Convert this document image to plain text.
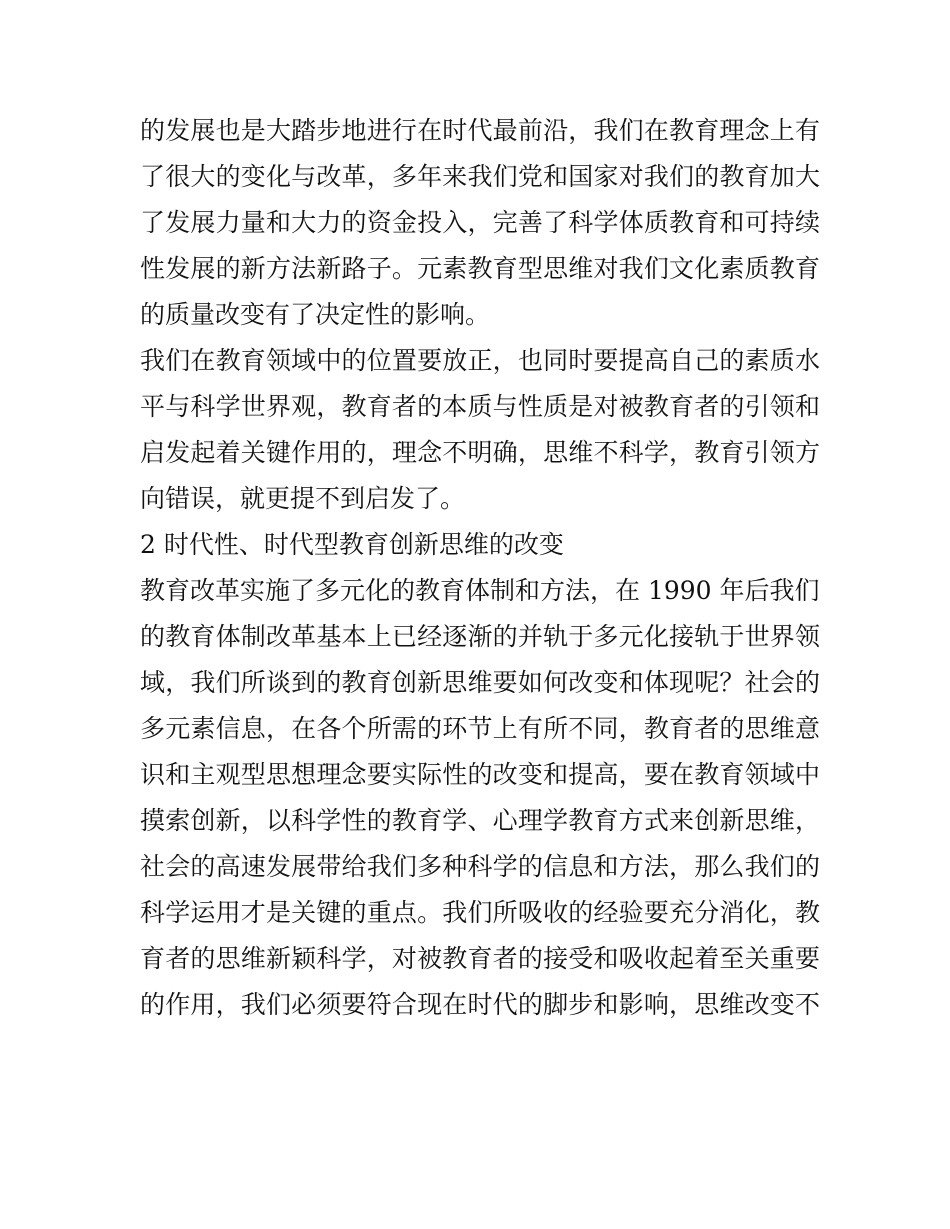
的发展也是大踏步地进行在时代最前沿，我们在教育理念上有
了很大的变化与改革，多年来我们党和国家对我们的教育加大
了发展力量和大力的资金投入，完善了科学体质教育和可持续
性发展的新方法新路子。元素教育型思维对我们文化素质教育
的质量改变有了决定性的影响。
我们在教育领域中的位置要放正，也同时要提高自己的素质水
平与科学世界观，教育者的本质与性质是对被教育者的引领和
启发起着关键作用的，理念不明确，思维不科学，教育引领方
向错误，就更提不到启发了。
2 时代性、时代型教育创新思维的改变
教育改革实施了多元化的教育体制和方法，在 1990 年后我们
的教育体制改革基本上已经逐渐的并轨于多元化接轨于世界领
域，我们所谈到的教育创新思维要如何改变和体现呢？社会的
多元素信息，在各个所需的环节上有所不同，教育者的思维意
识和主观型思想理念要实际性的改变和提高，要在教育领域中
摸索创新，以科学性的教育学、心理学教育方式来创新思维，
社会的高速发展带给我们多种科学的信息和方法，那么我们的
科学运用才是关键的重点。我们所吸收的经验要充分消化，教
育者的思维新颖科学，对被教育者的接受和吸收起着至关重要
的作用，我们必须要符合现在时代的脚步和影响，思维改变不
